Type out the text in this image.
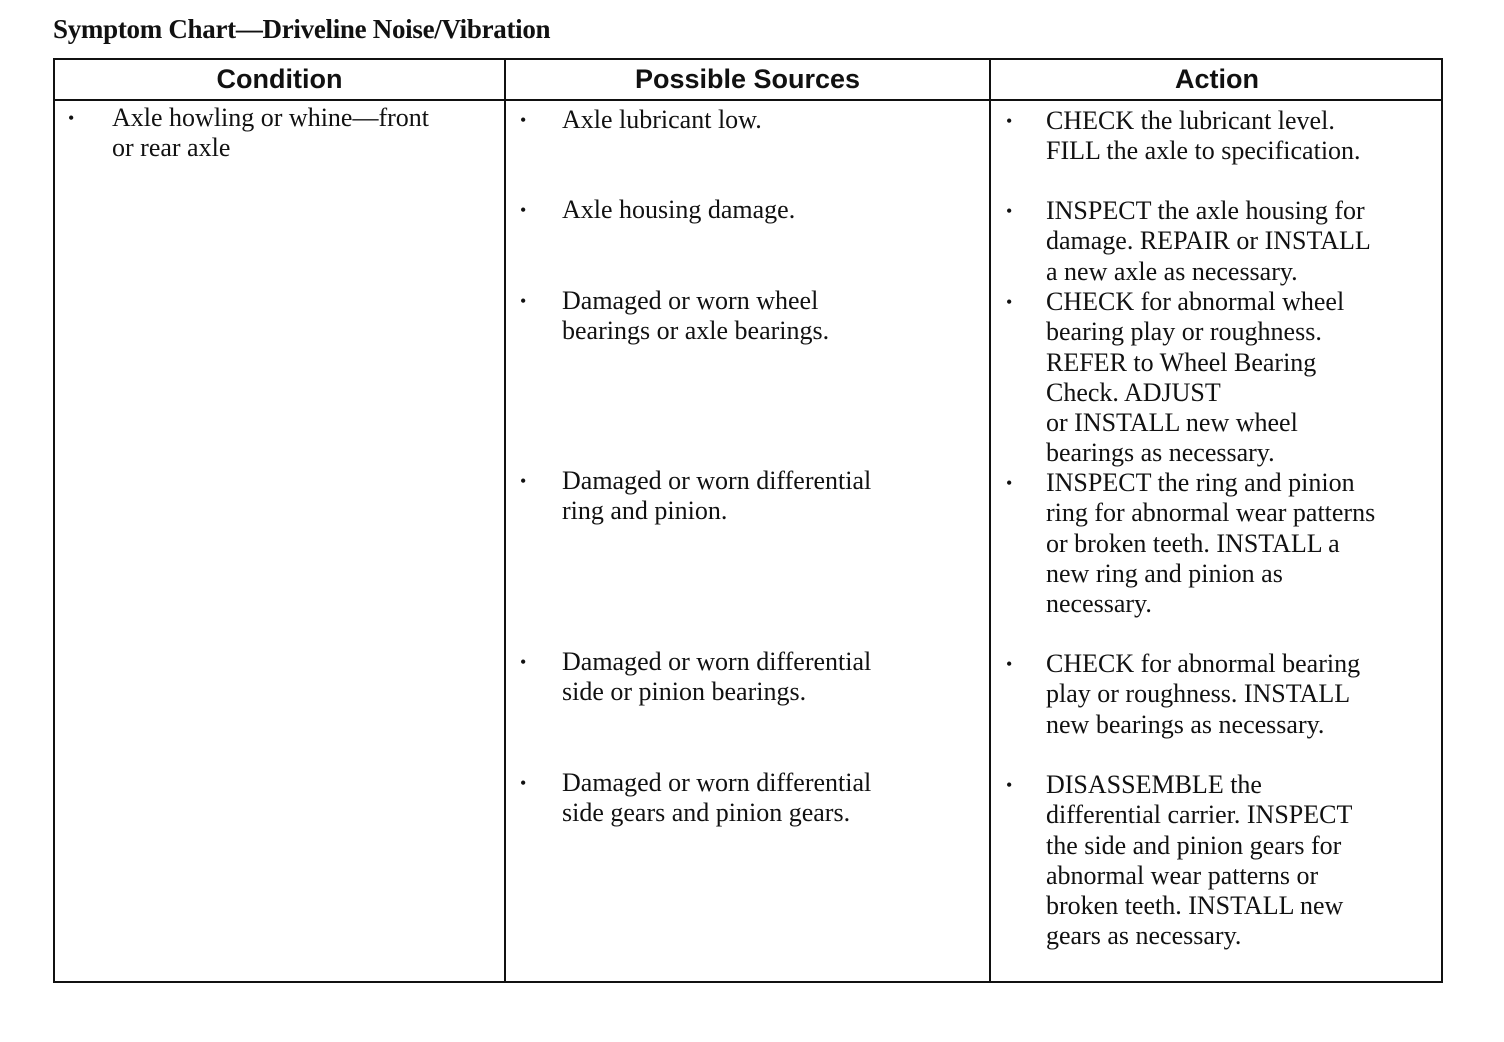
Symptom Chart—Driveline Noise/Vibration
Condition	Possible Sources	Action
• Axle howling or whine—front
or rear axle
• Axle lubricant low.
• Axle housing damage.
• Damaged or worn wheel
bearings or axle bearings.
• Damaged or worn differential
ring and pinion.
• Damaged or worn differential
side or pinion bearings.
• Damaged or worn differential
side gears and pinion gears.
• CHECK the lubricant level.
FILL the axle to specification.
• INSPECT the axle housing for
damage. REPAIR or INSTALL
a new axle as necessary.
• CHECK for abnormal wheel
bearing play or roughness.
REFER to Wheel Bearing
Check. ADJUST
or INSTALL new wheel
bearings as necessary.
• INSPECT the ring and pinion
ring for abnormal wear patterns
or broken teeth. INSTALL a
new ring and pinion as
necessary.
• CHECK for abnormal bearing
play or roughness. INSTALL
new bearings as necessary.
• DISASSEMBLE the
differential carrier. INSPECT
the side and pinion gears for
abnormal wear patterns or
broken teeth. INSTALL new
gears as necessary.
